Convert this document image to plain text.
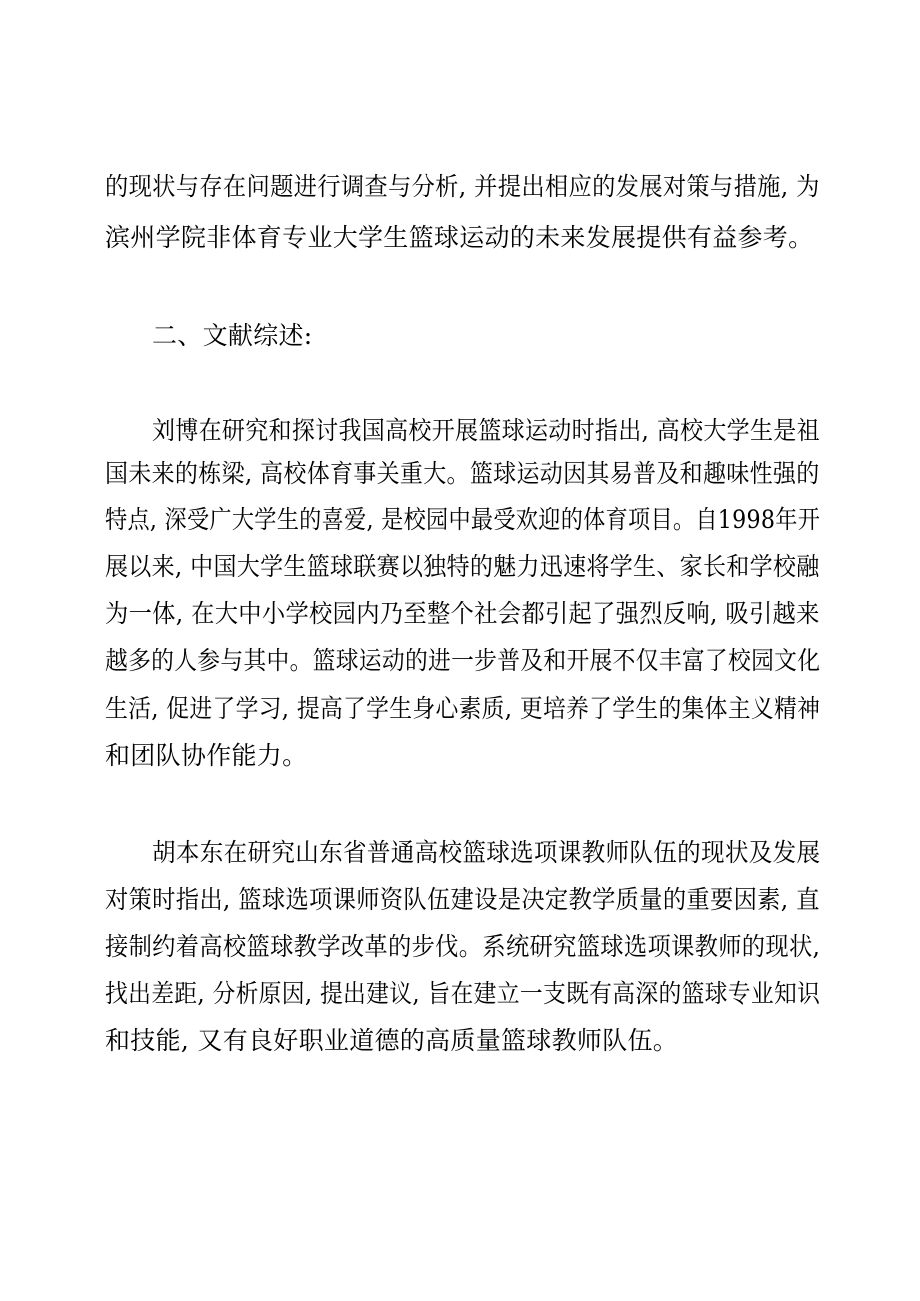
的现状与存在问题进行调查与分析, 并提出相应的发展对策与措施, 为
滨州学院非体育专业大学生篮球运动的未来发展提供有益参考。
二、文献综述:
刘博在研究和探讨我国高校开展篮球运动时指出, 高校大学生是祖
国未来的栋梁, 高校体育事关重大。篮球运动因其易普及和趣味性强的
特点, 深受广大学生的喜爱, 是校园中最受欢迎的体育项目。自1998年开
展以来, 中国大学生篮球联赛以独特的魅力迅速将学生、家长和学校融
为一体, 在大中小学校园内乃至整个社会都引起了强烈反响, 吸引越来
越多的人参与其中。篮球运动的进一步普及和开展不仅丰富了校园文化
生活, 促进了学习, 提高了学生身心素质, 更培养了学生的集体主义精神
和团队协作能力。
胡本东在研究山东省普通高校篮球选项课教师队伍的现状及发展
对策时指出, 篮球选项课师资队伍建设是决定教学质量的重要因素, 直
接制约着高校篮球教学改革的步伐。系统研究篮球选项课教师的现状,
找出差距, 分析原因, 提出建议, 旨在建立一支既有高深的篮球专业知识
和技能, 又有良好职业道德的高质量篮球教师队伍。
